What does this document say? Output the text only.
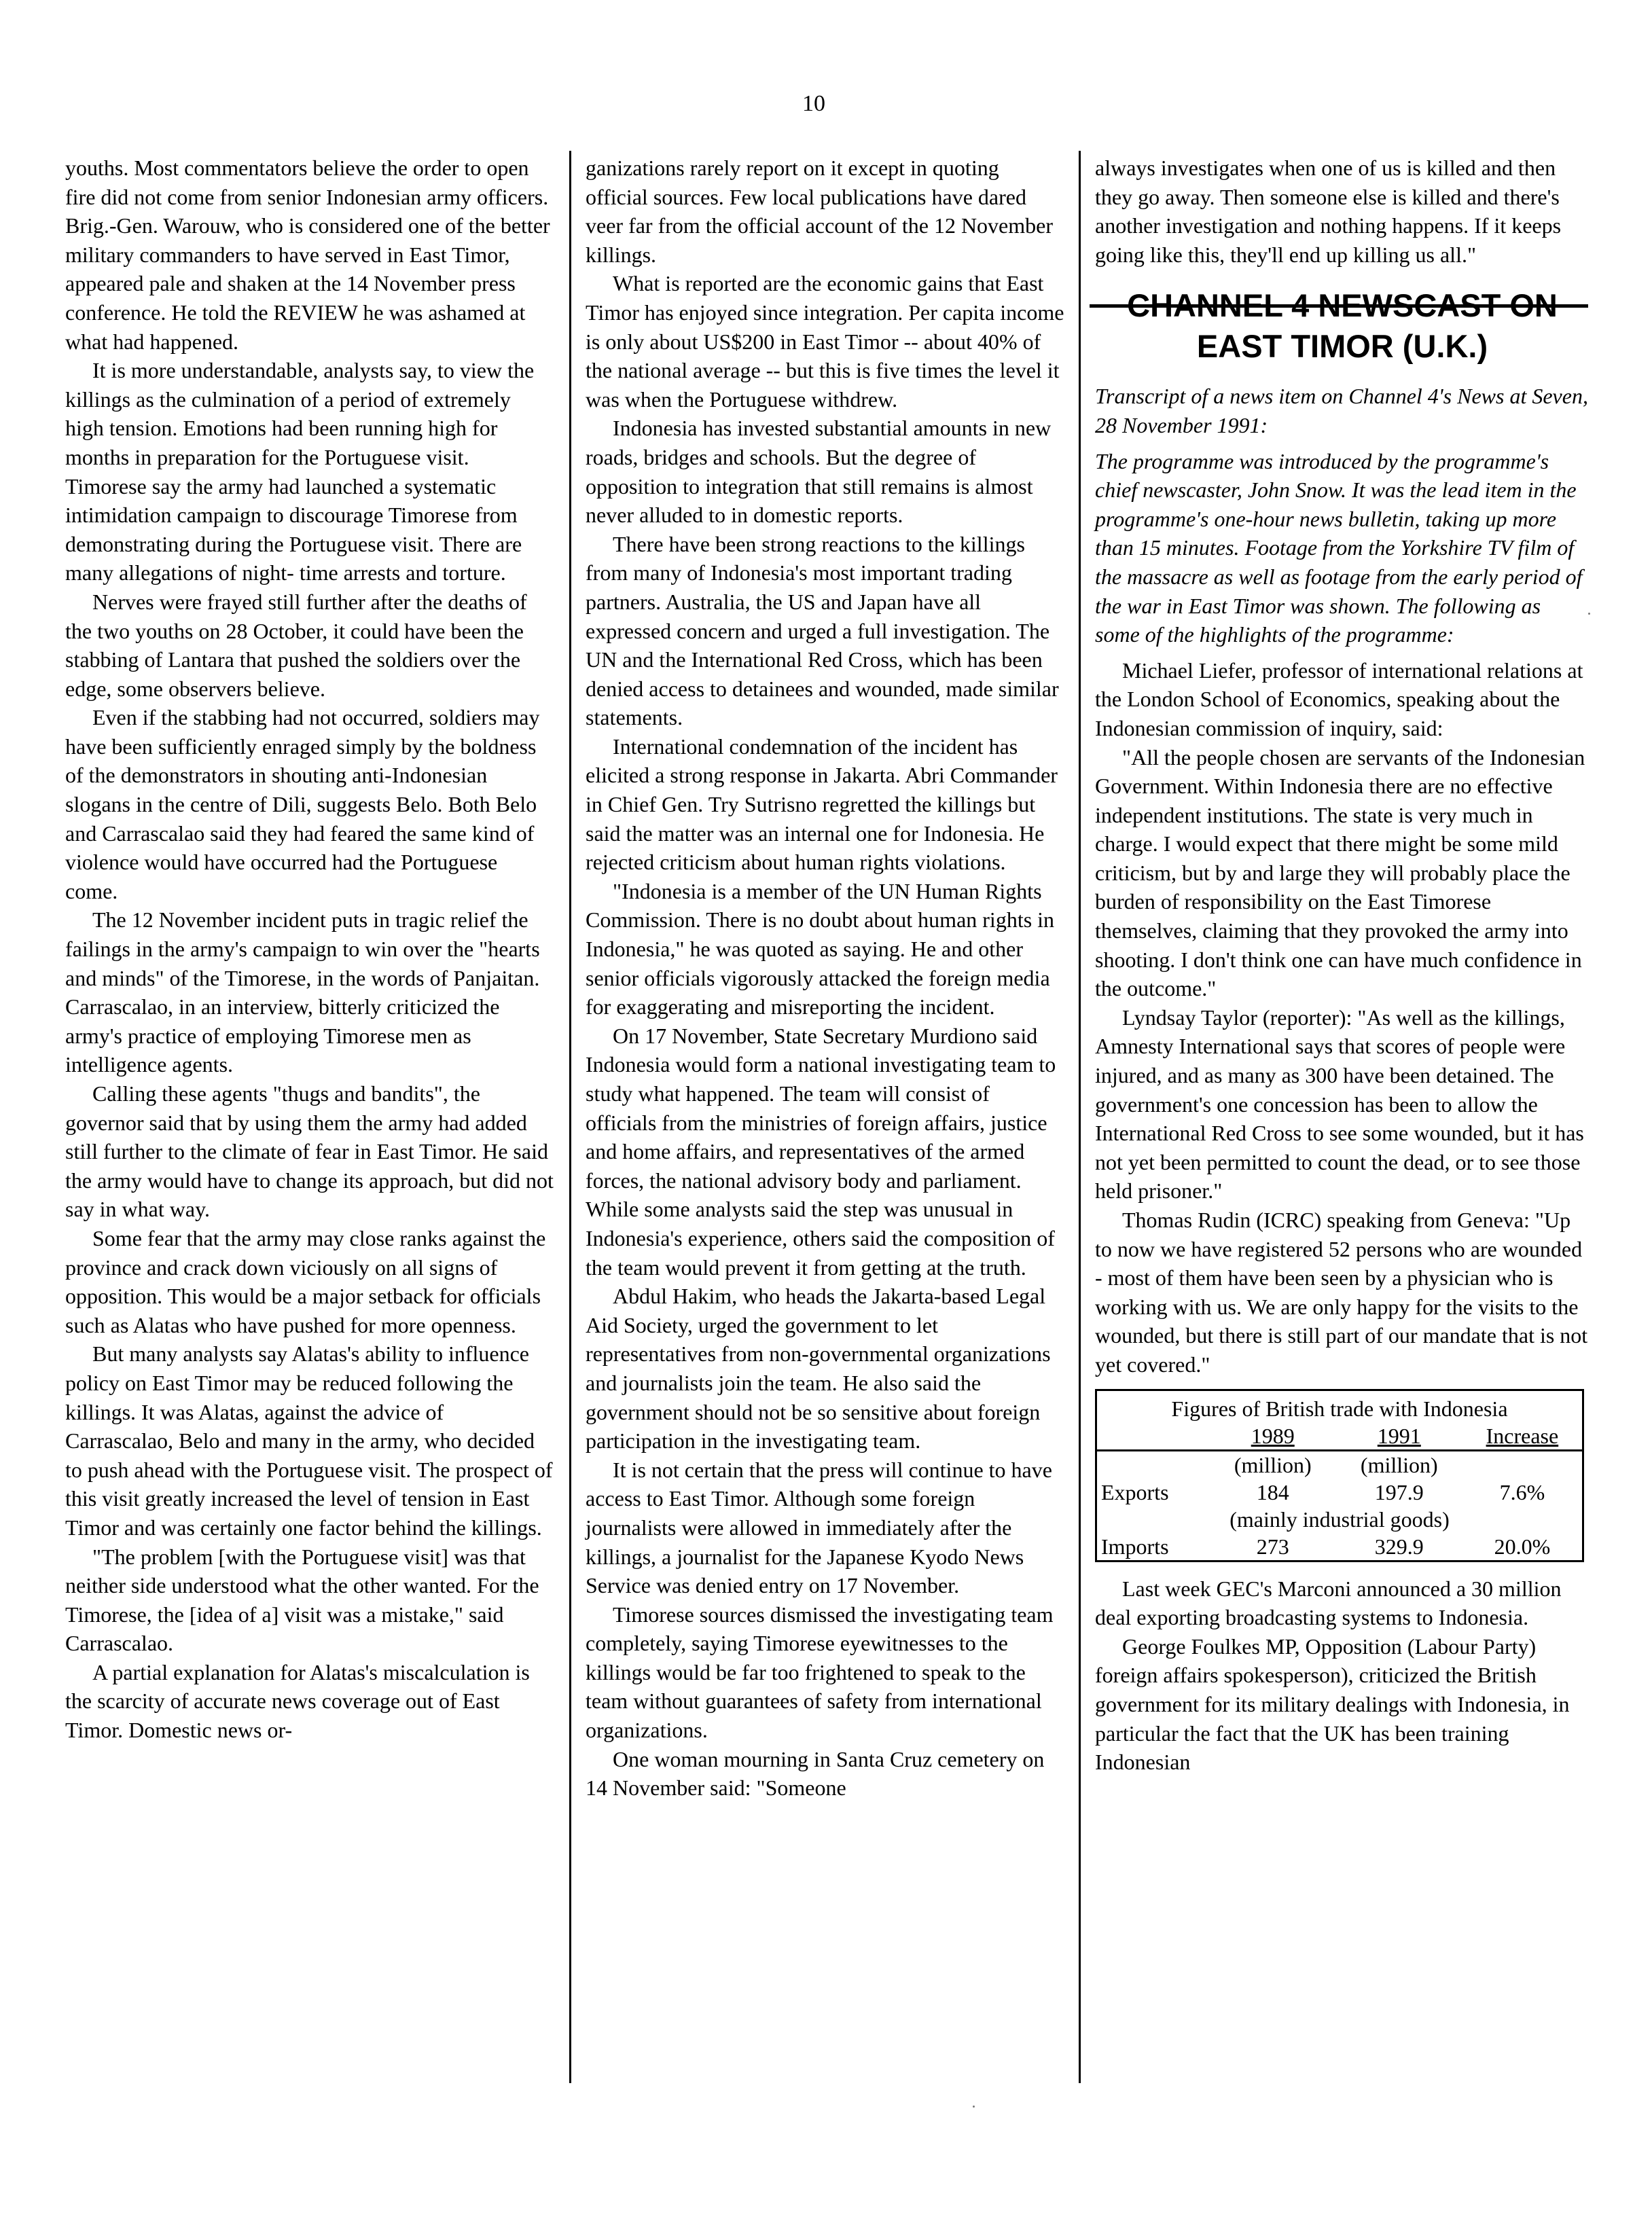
10

youths. Most commentators believe the order to open fire did not come from senior Indonesian army officers. Brig.-Gen. Warouw, who is considered one of the better military commanders to have served in East Timor, appeared pale and shaken at the 14 November press conference. He told the REVIEW he was ashamed at what had happened.

It is more understandable, analysts say, to view the killings as the culmination of a period of extremely high tension. Emotions had been running high for months in preparation for the Portuguese visit. Timorese say the army had launched a systematic intimidation campaign to discourage Timorese from demonstrating during the Portuguese visit. There are many allegations of night- time arrests and torture.

Nerves were frayed still further after the deaths of the two youths on 28 October, it could have been the stabbing of Lantara that pushed the soldiers over the edge, some observers believe.

Even if the stabbing had not occurred, soldiers may have been sufficiently enraged simply by the boldness of the demonstrators in shouting anti-Indonesian slogans in the centre of Dili, suggests Belo. Both Belo and Carrascalao said they had feared the same kind of violence would have occurred had the Portuguese come.

The 12 November incident puts in tragic relief the failings in the army's campaign to win over the "hearts and minds" of the Timorese, in the words of Panjaitan. Carrascalao, in an interview, bitterly criticized the army's practice of employing Timorese men as intelligence agents.

Calling these agents "thugs and bandits", the governor said that by using them the army had added still further to the climate of fear in East Timor. He said the army would have to change its approach, but did not say in what way.

Some fear that the army may close ranks against the province and crack down viciously on all signs of opposition. This would be a major setback for officials such as Alatas who have pushed for more openness.

But many analysts say Alatas's ability to influence policy on East Timor may be reduced following the killings. It was Alatas, against the advice of Carrascalao, Belo and many in the army, who decided to push ahead with the Portuguese visit. The prospect of this visit greatly increased the level of tension in East Timor and was certainly one factor behind the killings.

"The problem [with the Portuguese visit] was that neither side understood what the other wanted. For the Timorese, the [idea of a] visit was a mistake," said Carrascalao.

A partial explanation for Alatas's miscalculation is the scarcity of accurate news coverage out of East Timor. Domestic news or-

ganizations rarely report on it except in quoting official sources. Few local publications have dared veer far from the official account of the 12 November killings.

What is reported are the economic gains that East Timor has enjoyed since integration. Per capita income is only about US$200 in East Timor -- about 40% of the national average -- but this is five times the level it was when the Portuguese withdrew.

Indonesia has invested substantial amounts in new roads, bridges and schools. But the degree of opposition to integration that still remains is almost never alluded to in domestic reports.

There have been strong reactions to the killings from many of Indonesia's most important trading partners. Australia, the US and Japan have all expressed concern and urged a full investigation. The UN and the International Red Cross, which has been denied access to detainees and wounded, made similar statements.

International condemnation of the incident has elicited a strong response in Jakarta. Abri Commander in Chief Gen. Try Sutrisno regretted the killings but said the matter was an internal one for Indonesia. He rejected criticism about human rights violations.

"Indonesia is a member of the UN Human Rights Commission. There is no doubt about human rights in Indonesia," he was quoted as saying. He and other senior officials vigorously attacked the foreign media for exaggerating and misreporting the incident.

On 17 November, State Secretary Murdiono said Indonesia would form a national investigating team to study what happened. The team will consist of officials from the ministries of foreign affairs, justice and home affairs, and representatives of the armed forces, the national advisory body and parliament. While some analysts said the step was unusual in Indonesia's experience, others said the composition of the team would prevent it from getting at the truth.

Abdul Hakim, who heads the Jakarta-based Legal Aid Society, urged the government to let representatives from non-governmental organizations and journalists join the team. He also said the government should not be so sensitive about foreign participation in the investigating team.

It is not certain that the press will continue to have access to East Timor. Although some foreign journalists were allowed in immediately after the killings, a journalist for the Japanese Kyodo News Service was denied entry on 17 November.

Timorese sources dismissed the investigating team completely, saying Timorese eyewitnesses to the killings would be far too frightened to speak to the team without guarantees of safety from international organizations.

One woman mourning in Santa Cruz cemetery on 14 November said: "Someone

always investigates when one of us is killed and then they go away. Then someone else is killed and there's another investigation and nothing happens. If it keeps going like this, they'll end up killing us all."

CHANNEL 4 NEWSCAST ON EAST TIMOR (U.K.)

Transcript of a news item on Channel 4's News at Seven, 28 November 1991:

The programme was introduced by the programme's chief newscaster, John Snow. It was the lead item in the programme's one-hour news bulletin, taking up more than 15 minutes. Footage from the Yorkshire TV film of the massacre as well as footage from the early period of the war in East Timor was shown. The following as some of the highlights of the programme:

Michael Liefer, professor of international relations at the London School of Economics, speaking about the Indonesian commission of inquiry, said:

"All the people chosen are servants of the Indonesian Government. Within Indonesia there are no effective independent institutions. The state is very much in charge. I would expect that there might be some mild criticism, but by and large they will probably place the burden of responsibility on the East Timorese themselves, claiming that they provoked the army into shooting. I don't think one can have much confidence in the outcome."

Lyndsay Taylor (reporter): "As well as the killings, Amnesty International says that scores of people were injured, and as many as 300 have been detained. The government's one concession has been to allow the International Red Cross to see some wounded, but it has not yet been permitted to count the dead, or to see those held prisoner."

Thomas Rudin (ICRC) speaking from Geneva: "Up to now we have registered 52 persons who are wounded - most of them have been seen by a physician who is working with us. We are only happy for the visits to the wounded, but there is still part of our mandate that is not yet covered."

Figures of British trade with Indonesia			
	1989	1991	Increase
	(million)	(million)	
Exports	184	197.9	7.6%
(mainly industrial goods)			
Imports	273	329.9	20.0%

Last week GEC's Marconi announced a 30 million deal exporting broadcasting systems to Indonesia.

George Foulkes MP, Opposition (Labour Party) foreign affairs spokesperson), criticized the British government for its military dealings with Indonesia, in particular the fact that the UK has been training Indonesian
